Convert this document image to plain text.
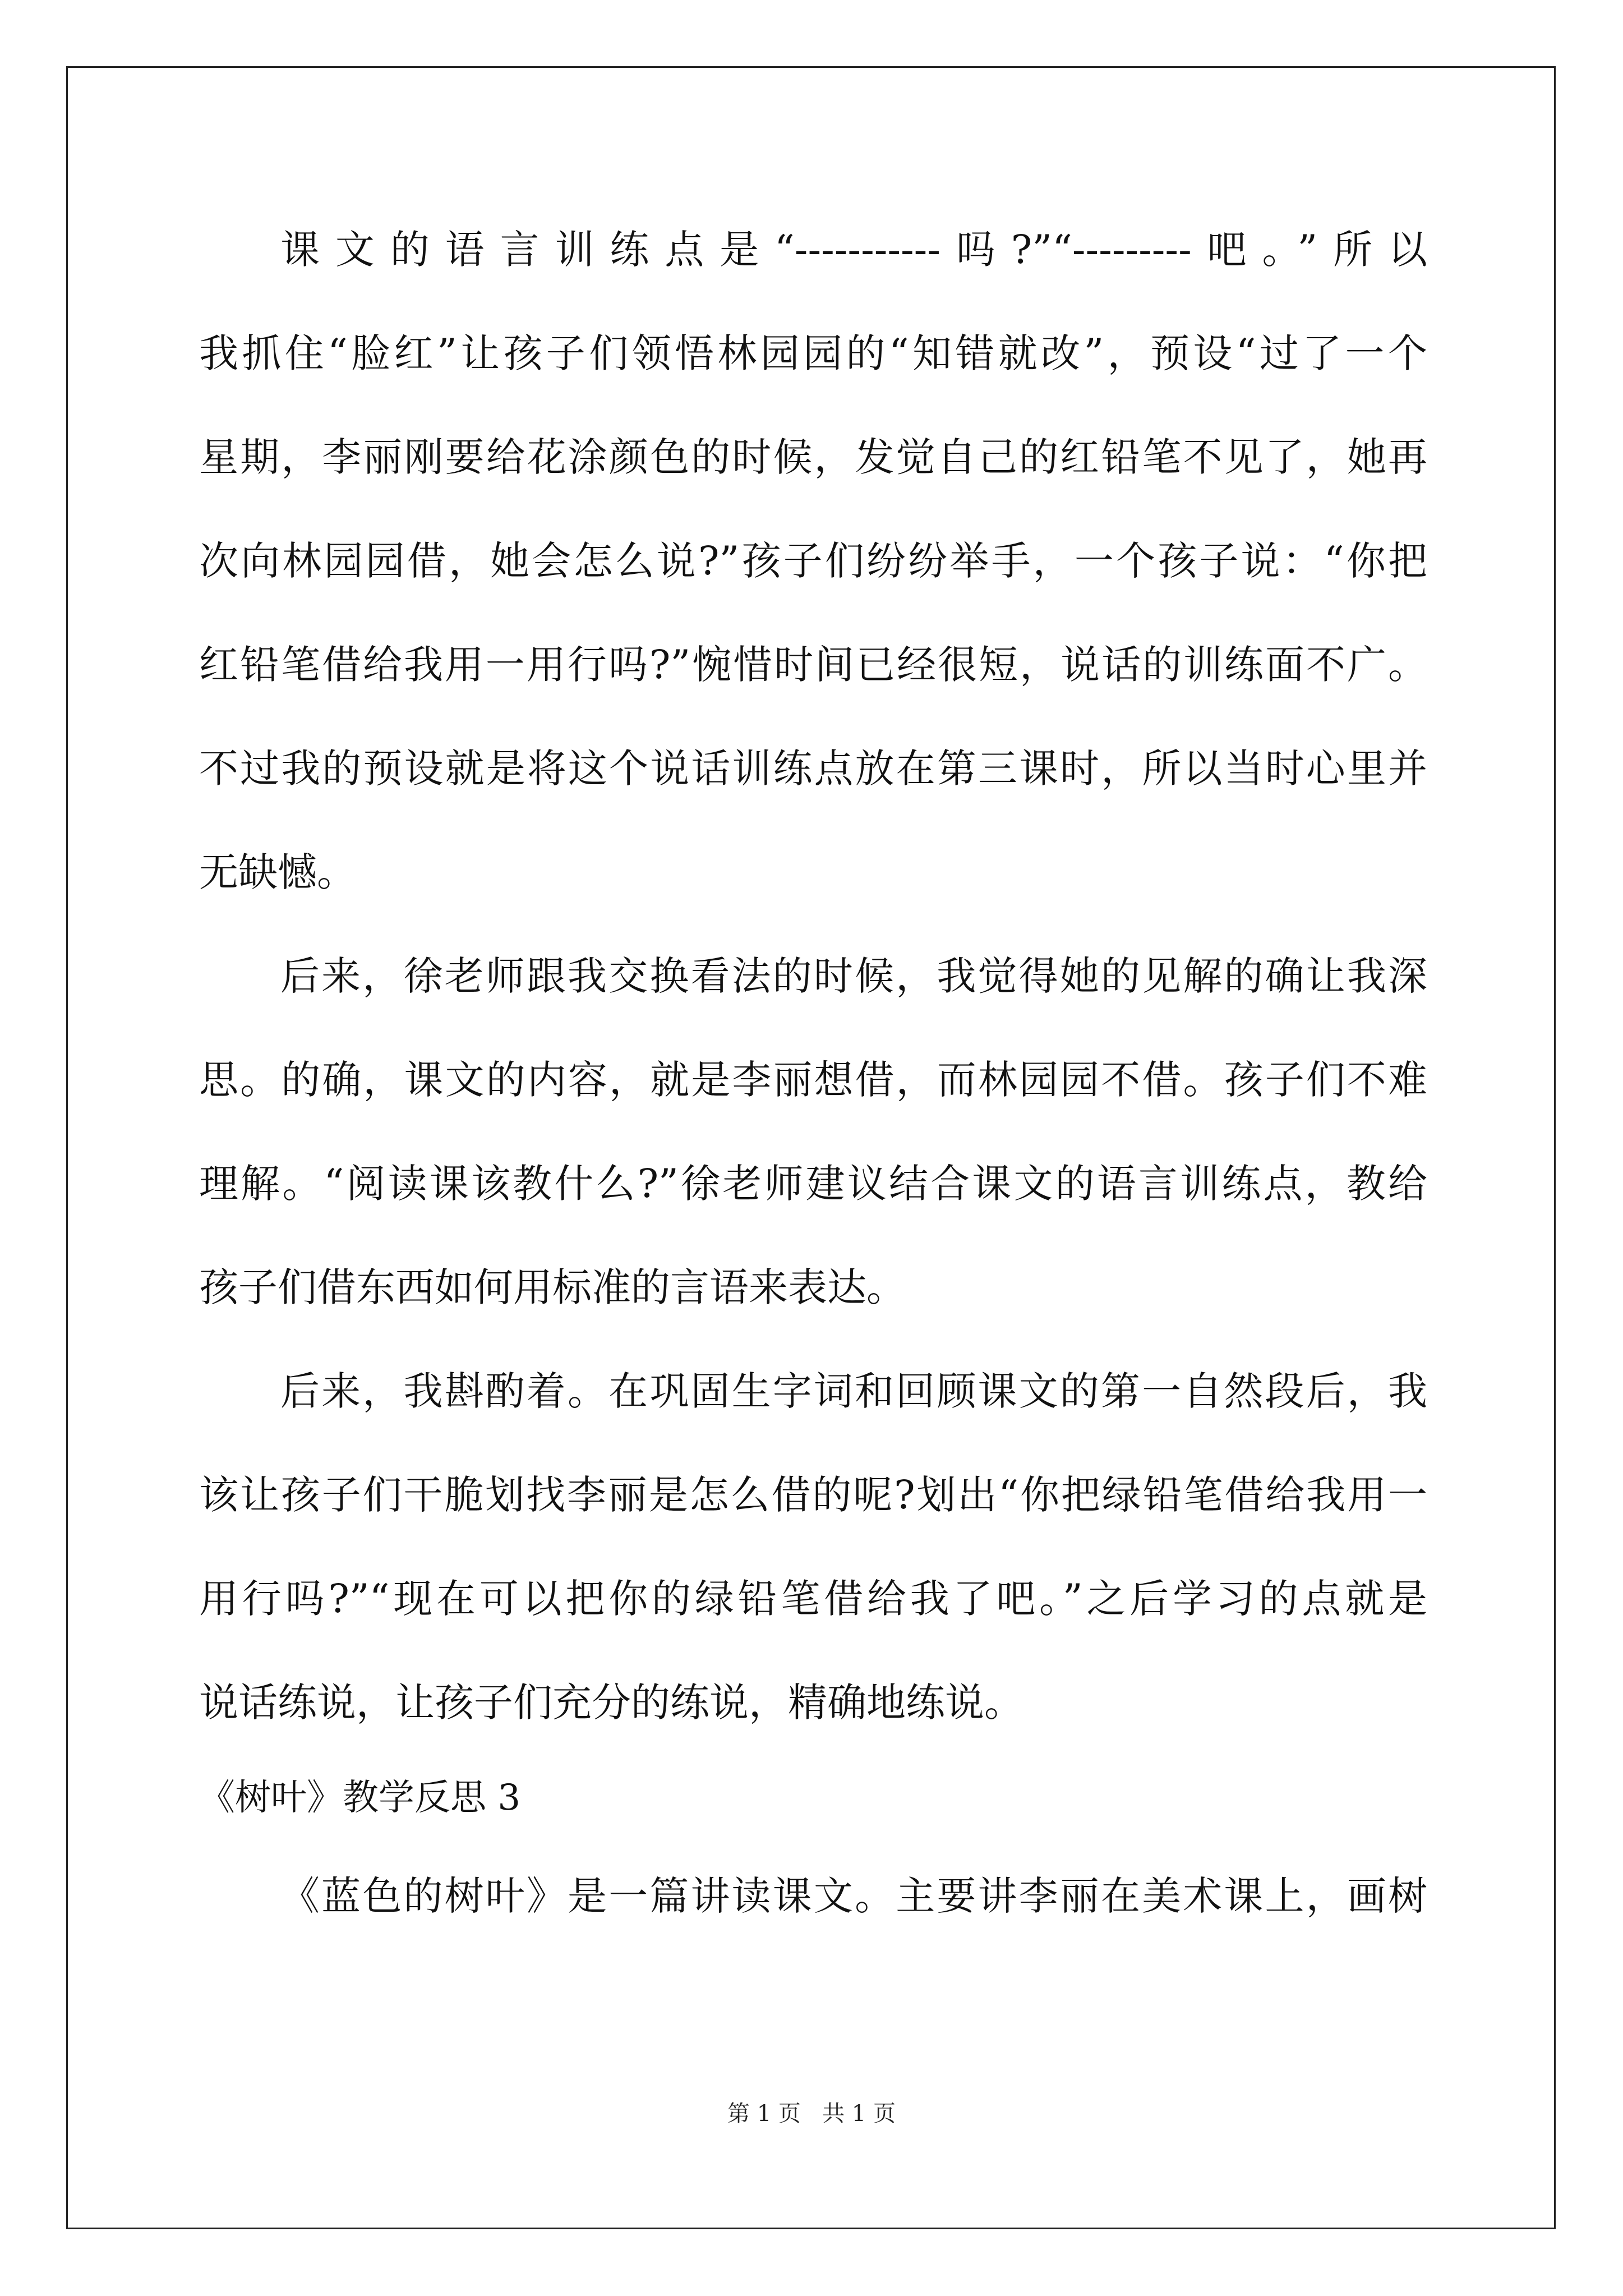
课文的语言训练点是“-----------吗?”“---------吧。”所以
我抓住“脸红”让孩子们领悟林园园的“知错就改”，预设“过了一个
星期，李丽刚要给花涂颜色的时候，发觉自己的红铅笔不见了，她再
次向林园园借，她会怎么说?”孩子们纷纷举手，一个孩子说：“你把
红铅笔借给我用一用行吗?”惋惜时间已经很短，说话的训练面不广。
不过我的预设就是将这个说话训练点放在第三课时，所以当时心里并
无缺憾。
后来，徐老师跟我交换看法的时候，我觉得她的见解的确让我深
思。的确，课文的内容，就是李丽想借，而林园园不借。孩子们不难
理解。“阅读课该教什么?”徐老师建议结合课文的语言训练点，教给
孩子们借东西如何用标准的言语来表达。
后来，我斟酌着。在巩固生字词和回顾课文的第一自然段后，我
该让孩子们干脆划找李丽是怎么借的呢?划出“你把绿铅笔借给我用一
用行吗?”“现在可以把你的绿铅笔借给我了吧。”之后学习的点就是
说话练说，让孩子们充分的练说，精确地练说。
《树叶》教学反思 3
《蓝色的树叶》是一篇讲读课文。主要讲李丽在美术课上，画树
第 1 页   共 1 页
